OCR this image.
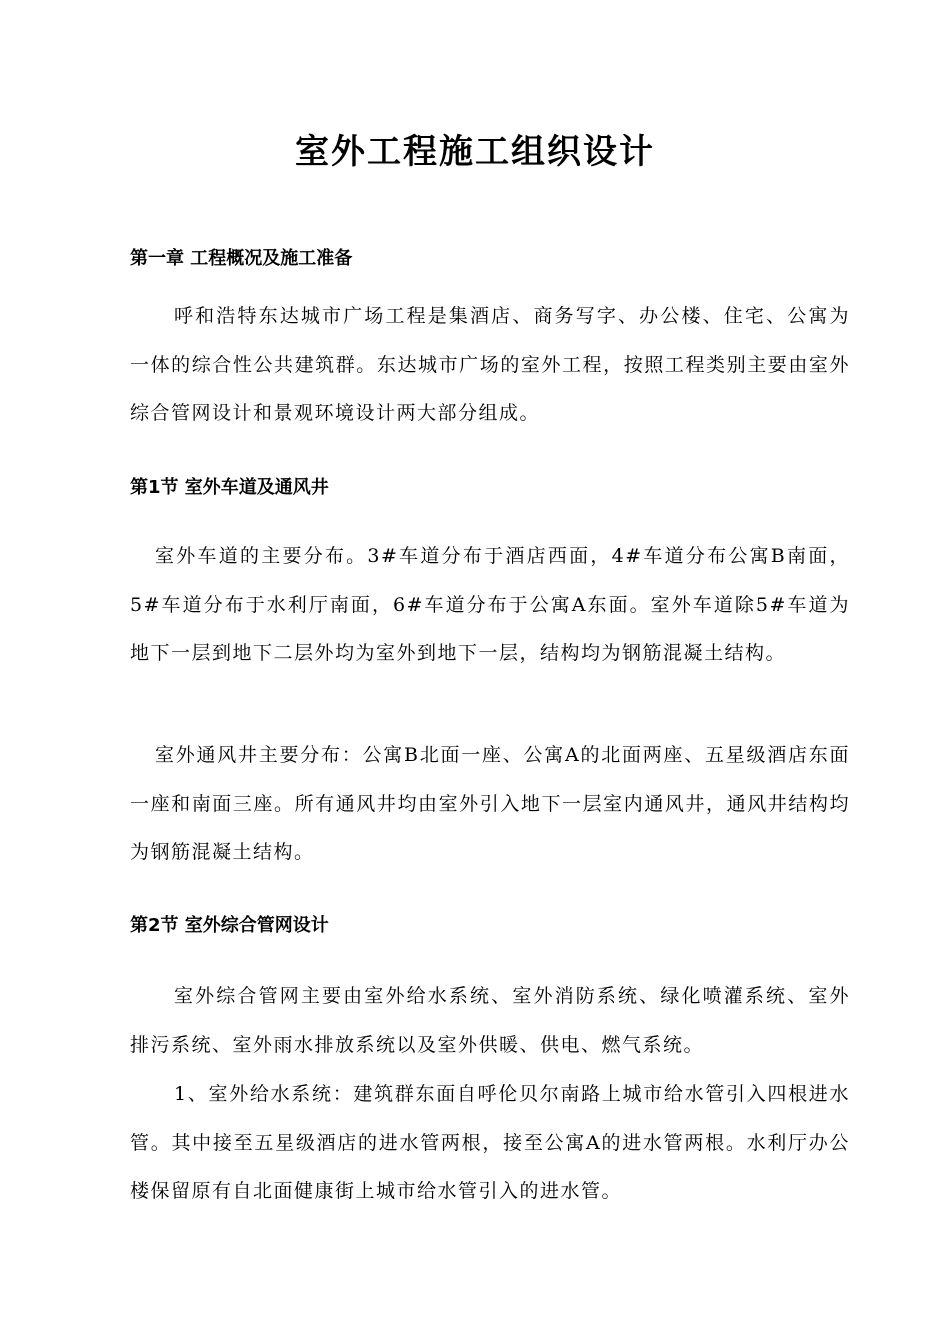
室外工程施工组织设计
第一章 工程概况及施工准备

呼和浩特东达城市广场工程是集酒店、商务写字、办公楼、住宅、公寓为一体的综合性公共建筑群。东达城市广场的室外工程，按照工程类别主要由室外综合管网设计和景观环境设计两大部分组成。

第1节 室外车道及通风井

室外车道的主要分布。3#车道分布于酒店西面，4#车道分布公寓B南面，5#车道分布于水利厅南面，6#车道分布于公寓A东面。室外车道除5#车道为地下一层到地下二层外均为室外到地下一层，结构均为钢筋混凝土结构。

室外通风井主要分布：公寓B北面一座、公寓A的北面两座、五星级酒店东面一座和南面三座。所有通风井均由室外引入地下一层室内通风井，通风井结构均为钢筋混凝土结构。

第2节 室外综合管网设计

室外综合管网主要由室外给水系统、室外消防系统、绿化喷灌系统、室外排污系统、室外雨水排放系统以及室外供暖、供电、燃气系统。

1、室外给水系统：建筑群东面自呼伦贝尔南路上城市给水管引入四根进水管。其中接至五星级酒店的进水管两根，接至公寓A的进水管两根。水利厅办公楼保留原有自北面健康街上城市给水管引入的进水管。
